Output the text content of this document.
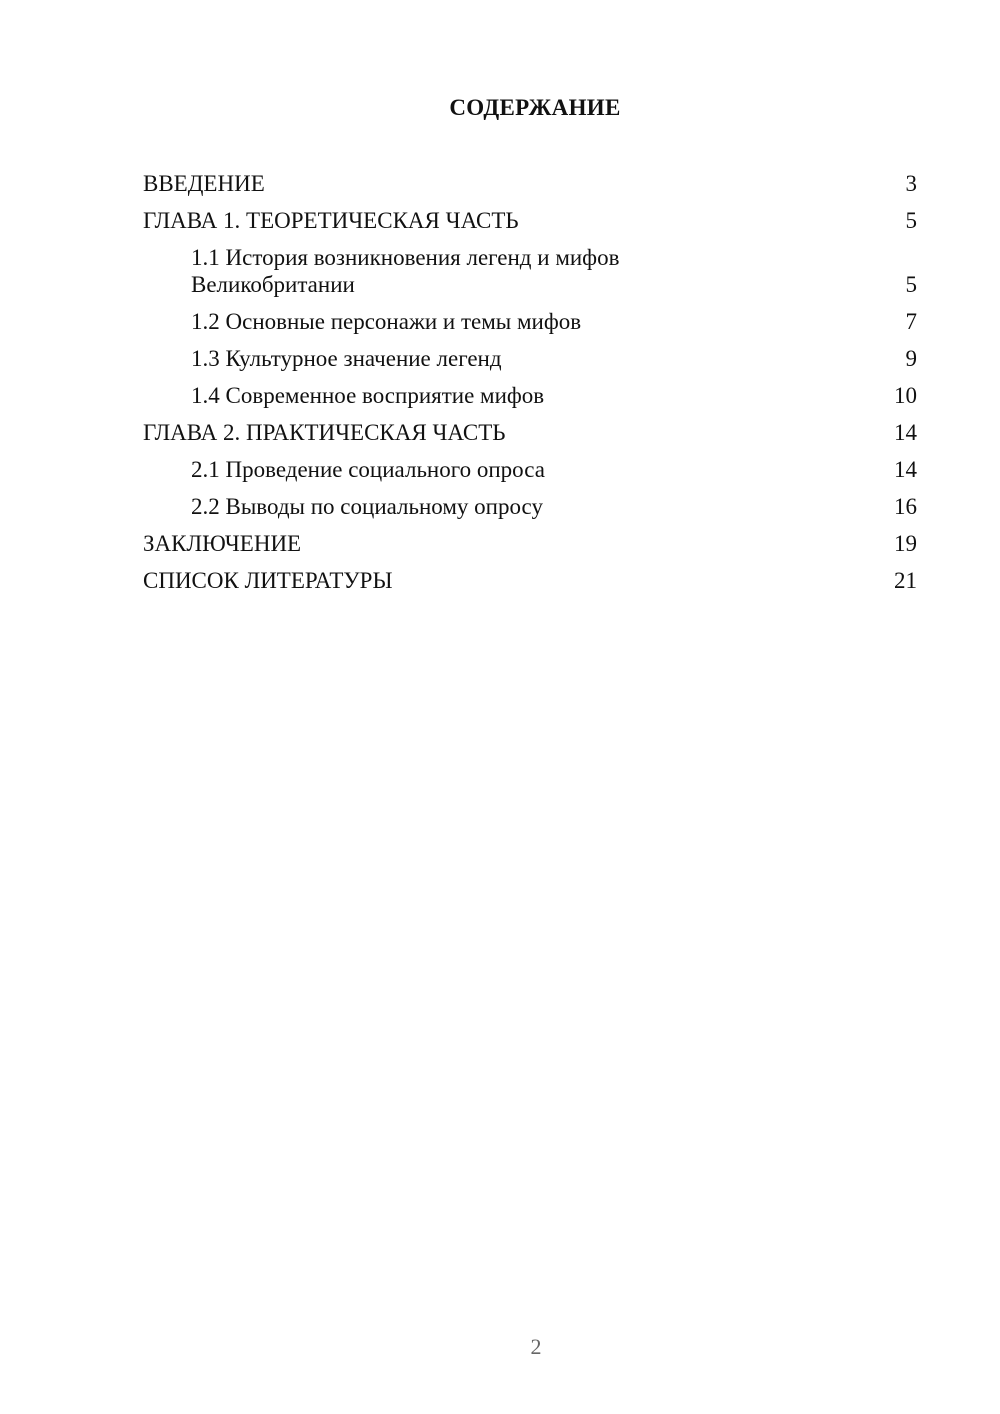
СОДЕРЖАНИЕ
ВВЕДЕНИЕ	3
ГЛАВА 1. ТЕОРЕТИЧЕСКАЯ ЧАСТЬ	5
1.1 История возникновения легенд и мифов Великобритании	5
1.2 Основные персонажи и темы мифов	7
1.3 Культурное значение легенд	9
1.4 Современное восприятие мифов	10
ГЛАВА 2. ПРАКТИЧЕСКАЯ ЧАСТЬ	14
2.1 Проведение социального опроса	14
2.2 Выводы по социальному опросу	16
ЗАКЛЮЧЕНИЕ	19
СПИСОК ЛИТЕРАТУРЫ	21
2
